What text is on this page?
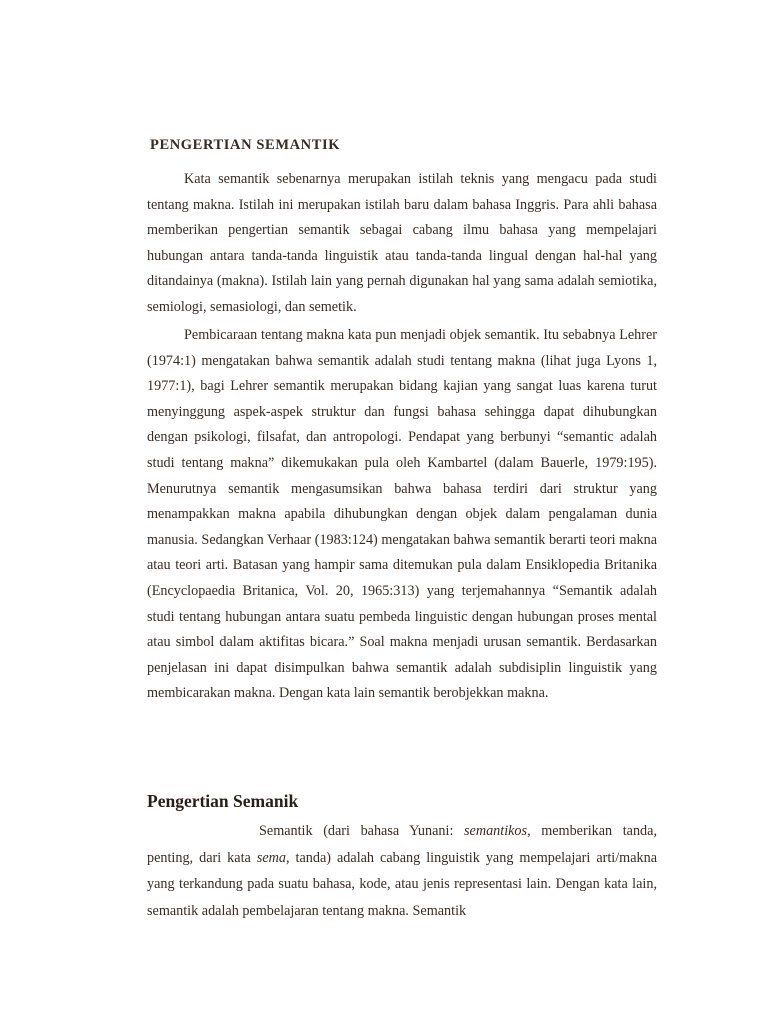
PENGERTIAN SEMANTIK

Kata semantik sebenarnya merupakan istilah teknis yang mengacu pada studi tentang makna. Istilah ini merupakan istilah baru dalam bahasa Inggris. Para ahli bahasa memberikan pengertian semantik sebagai cabang ilmu bahasa yang mempelajari hubungan antara tanda-tanda linguistik atau tanda-tanda lingual dengan hal-hal yang ditandainya (makna). Istilah lain yang pernah digunakan hal yang sama adalah semiotika, semiologi, semasiologi, dan semetik.

Pembicaraan tentang makna kata pun menjadi objek semantik. Itu sebabnya Lehrer (1974:1) mengatakan bahwa semantik adalah studi tentang makna (lihat juga Lyons 1, 1977:1), bagi Lehrer semantik merupakan bidang kajian yang sangat luas karena turut menyinggung aspek-aspek struktur dan fungsi bahasa sehingga dapat dihubungkan dengan psikologi, filsafat, dan antropologi. Pendapat yang berbunyi “semantic adalah studi tentang makna” dikemukakan pula oleh Kambartel (dalam Bauerle, 1979:195). Menurutnya semantik mengasumsikan bahwa bahasa terdiri dari struktur yang menampakkan makna apabila dihubungkan dengan objek dalam pengalaman dunia manusia. Sedangkan Verhaar (1983:124) mengatakan bahwa semantik berarti teori makna atau teori arti. Batasan yang hampir sama ditemukan pula dalam Ensiklopedia Britanika (Encyclopaedia Britanica, Vol. 20, 1965:313) yang terjemahannya “Semantik adalah studi tentang hubungan antara suatu pembeda linguistic dengan hubungan proses mental atau simbol dalam aktifitas bicara.” Soal makna menjadi urusan semantik. Berdasarkan penjelasan ini dapat disimpulkan bahwa semantik adalah subdisiplin linguistik yang membicarakan makna. Dengan kata lain semantik berobjekkan makna.

Pengertian Semanik

Semantik (dari bahasa Yunani: semantikos, memberikan tanda, penting, dari kata sema, tanda) adalah cabang linguistik yang mempelajari arti/makna yang terkandung pada suatu bahasa, kode, atau jenis representasi lain. Dengan kata lain, semantik adalah pembelajaran tentang makna. Semantik
